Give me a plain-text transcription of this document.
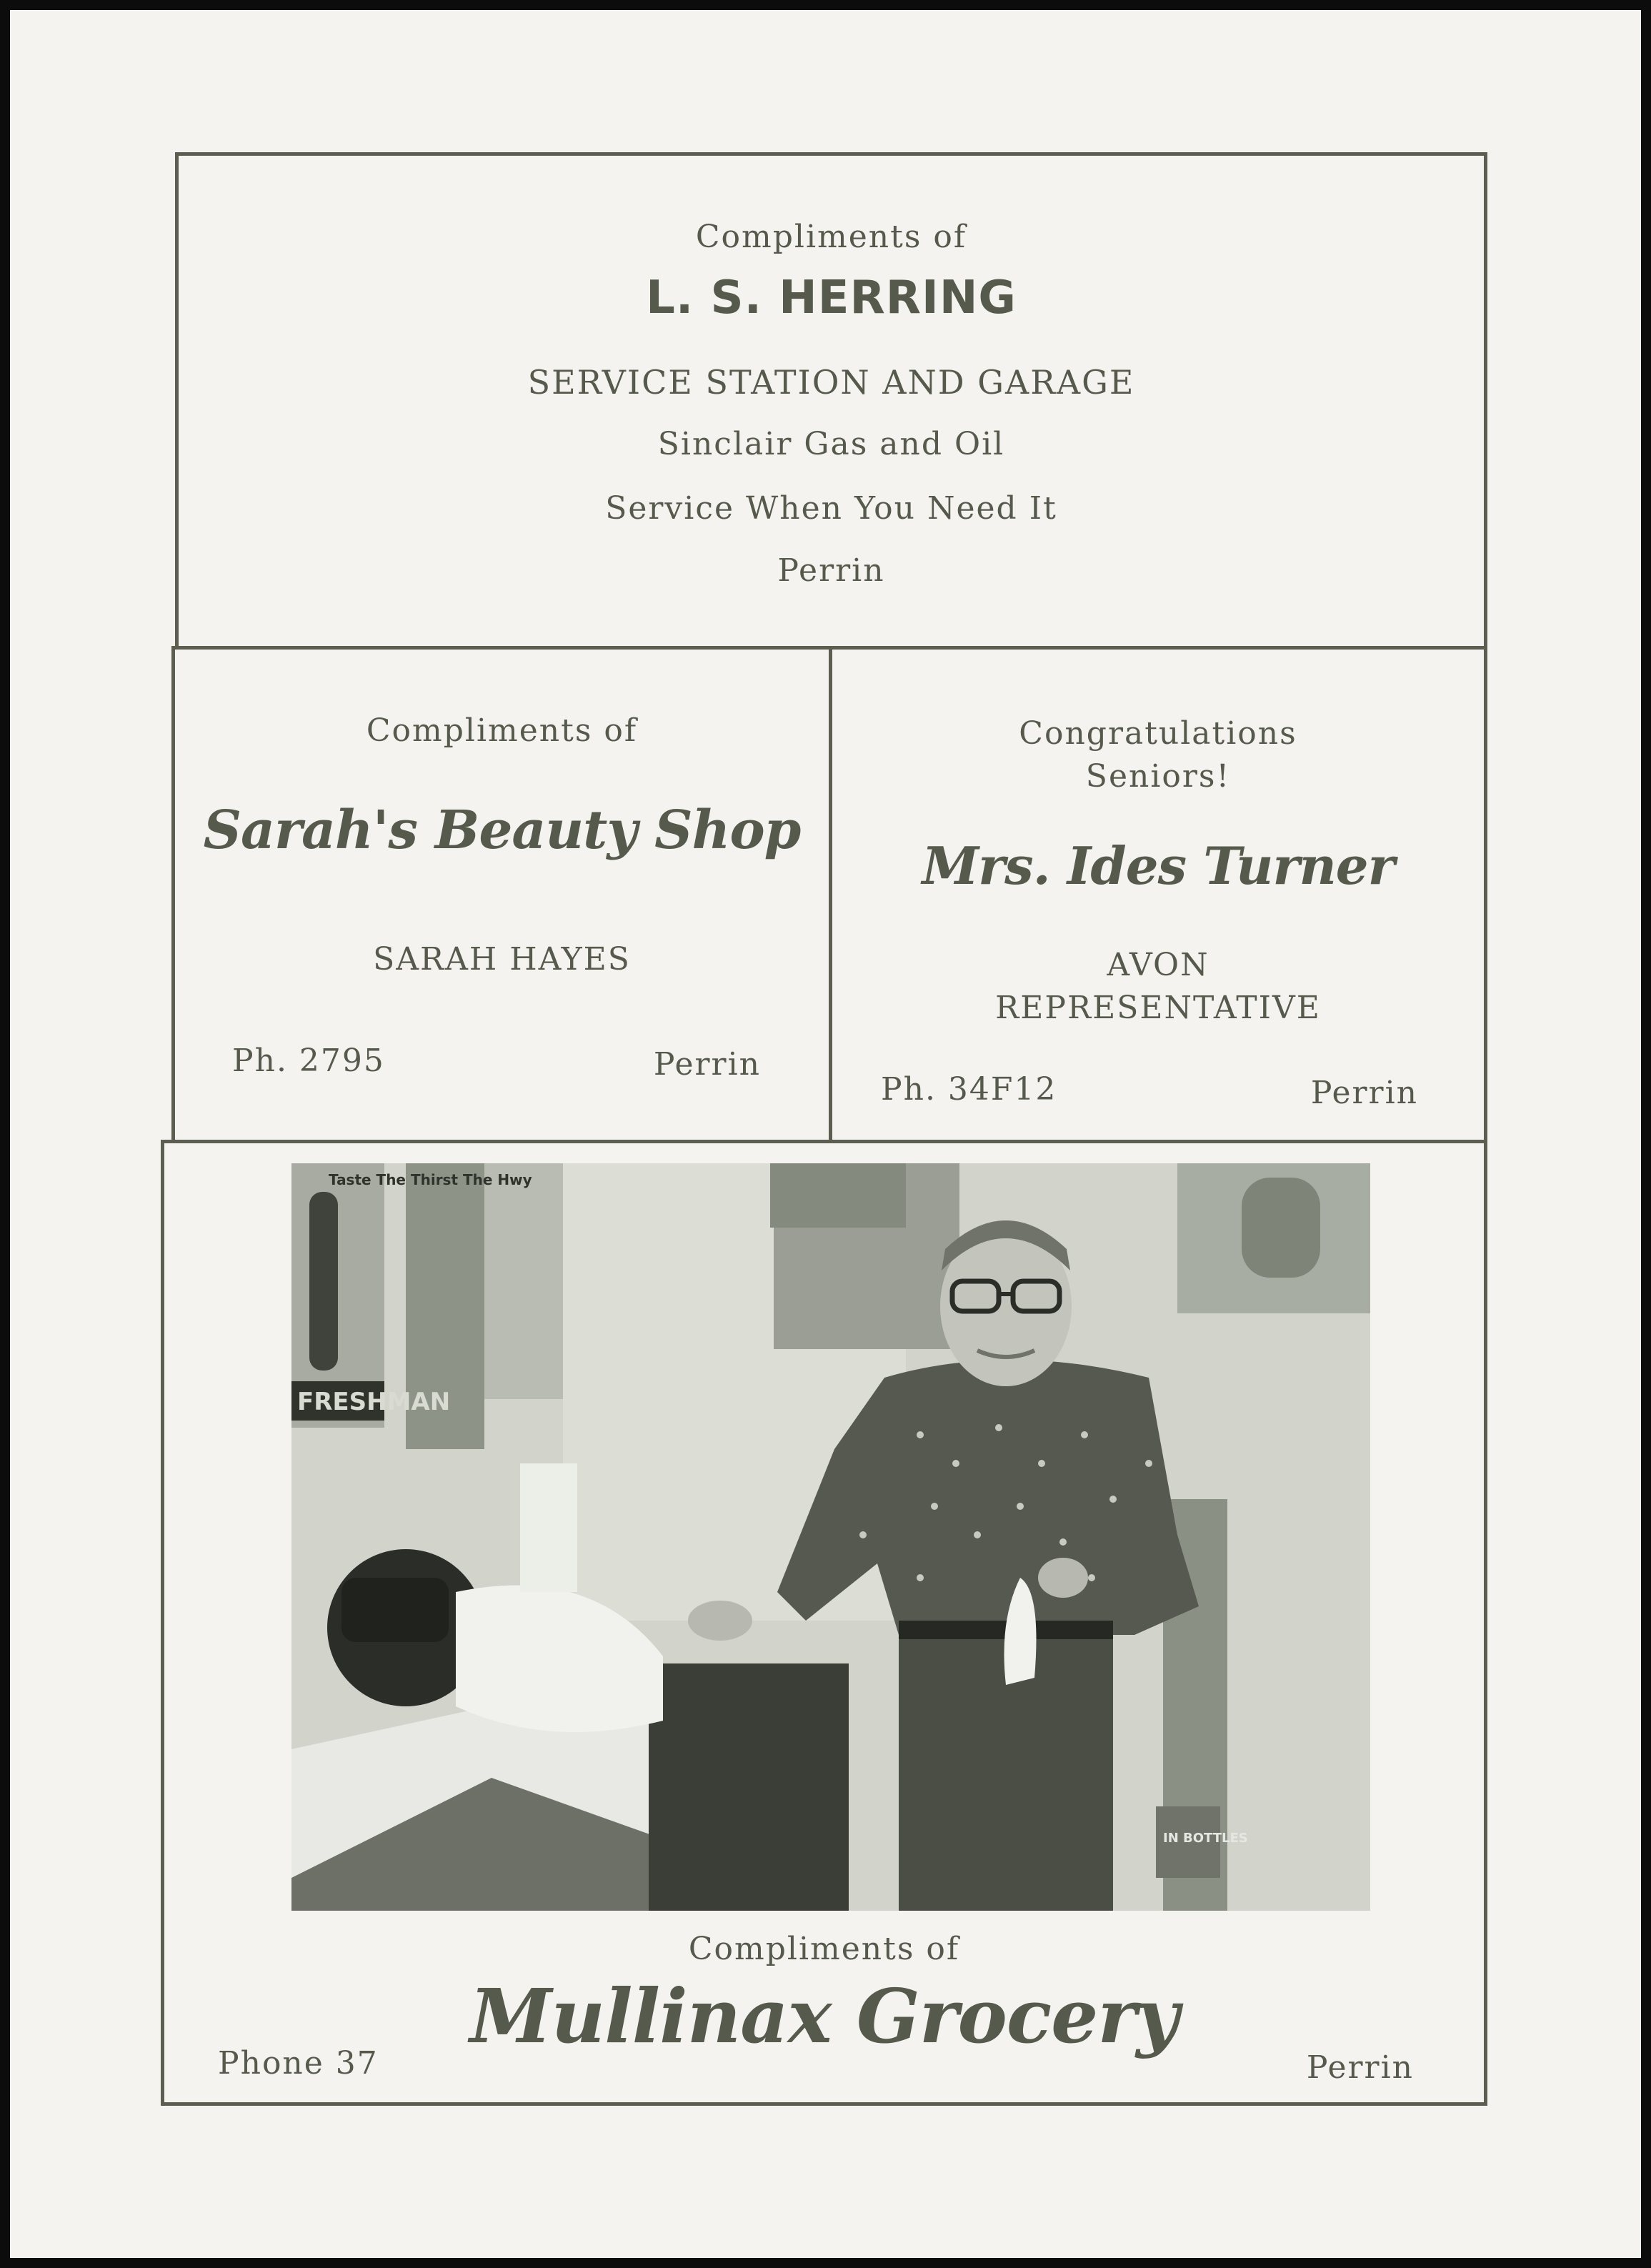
Compliments of
L. S. HERRING
SERVICE STATION AND GARAGE
Sinclair Gas and Oil
Service When You Need It
Perrin
Compliments of
Sarah's Beauty Shop
SARAH HAYES
Ph. 2795	Perrin
Congratulations
Seniors!
Mrs. Ides Turner
AVON
REPRESENTATIVE
Ph. 34F12	Perrin
FRESHMAN
Taste The Thirst The Hwy
IN BOTTLES
Compliments of
Mullinax Grocery
Phone 37	Perrin
